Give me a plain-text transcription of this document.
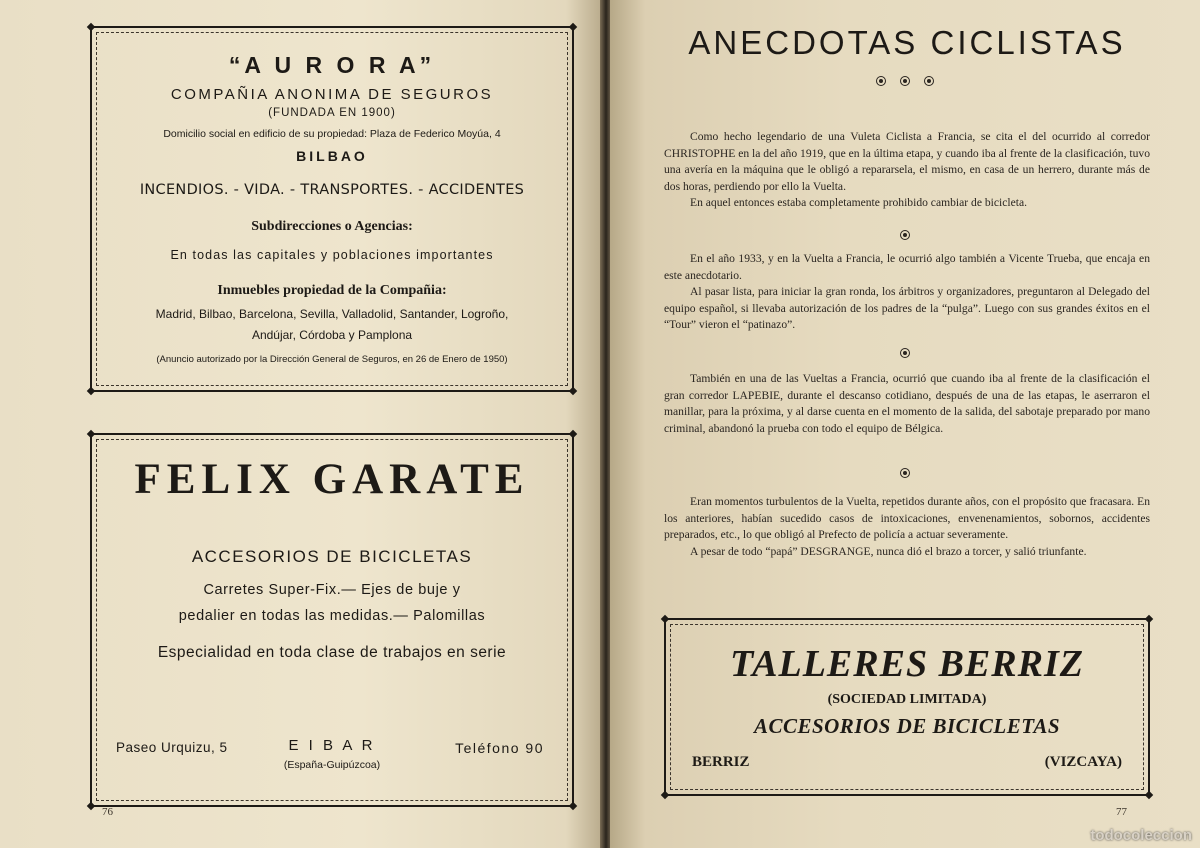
“A U R O R A”
COMPAÑIA ANONIMA DE SEGUROS
(FUNDADA EN 1900)
Domicilio social en edificio de su propiedad: Plaza de Federico Moyúa, 4
BILBAO
INCENDIOS. - VIDA. - TRANSPORTES. - ACCIDENTES
Subdirecciones o Agencias:
En todas las capitales y poblaciones importantes
Inmuebles propiedad de la Compañia:
Madrid, Bilbao, Barcelona, Sevilla, Valladolid, Santander, Logroño,
Andújar, Córdoba y Pamplona
(Anuncio autorizado por la Dirección General de Seguros, en 26 de Enero de 1950)
FELIX GARATE
ACCESORIOS DE BICICLETAS
Carretes Super-Fix.— Ejes de buje y
pedalier en todas las medidas.— Palomillas
Especialidad en toda clase de trabajos en serie
Paseo Urquizu, 5	E I B A R
(España-Guipúzcoa)
Teléfono 90
76
ANECDOTAS CICLISTAS

Como hecho legendario de una Vuleta Ciclista a Francia, se cita el del ocurrido al corredor CHRISTOPHE en la del año 1919, que en la última etapa, y cuando iba al frente de la clasificación, tuvo una avería en la máquina que le obligó a repararsela, el mismo, en casa de un herrero, durante más de dos horas, perdiendo por ello la Vuelta.

En aquel entonces estaba completamente prohibido cambiar de bicicleta.

En el año 1933, y en la Vuelta a Francia, le ocurrió algo también a Vicente Trueba, que encaja en este anecdotario.

Al pasar lista, para iniciar la gran ronda, los árbitros y organizadores, preguntaron al Delegado del equipo español, si llevaba autorización de los padres de la “pulga”. Luego con sus grandes éxitos en el “Tour” vieron el “patinazo”.

También en una de las Vueltas a Francia, ocurrió que cuando iba al frente de la clasificación el gran corredor LAPEBIE, durante el descanso cotidiano, después de una de las etapas, le aserraron el manillar, para la próxima, y al darse cuenta en el momento de la salida, del sabotaje preparado por mano criminal, abandonó la prueba con todo el equipo de Bélgica.

Eran momentos turbulentos de la Vuelta, repetidos durante años, con el propósito que fracasara. En los anteriores, habían sucedido casos de intoxicaciones, envenenamientos, sobornos, accidentes preparados, etc., lo que obligó al Prefecto de policía a actuar severamente.

A pesar de todo “papá” DESGRANGE, nunca dió el brazo a torcer, y salió triunfante.

TALLERES BERRIZ
(SOCIEDAD LIMITADA)
ACCESORIOS DE BICICLETAS
BERRIZ	(VIZCAYA)
77
todocoleccion
